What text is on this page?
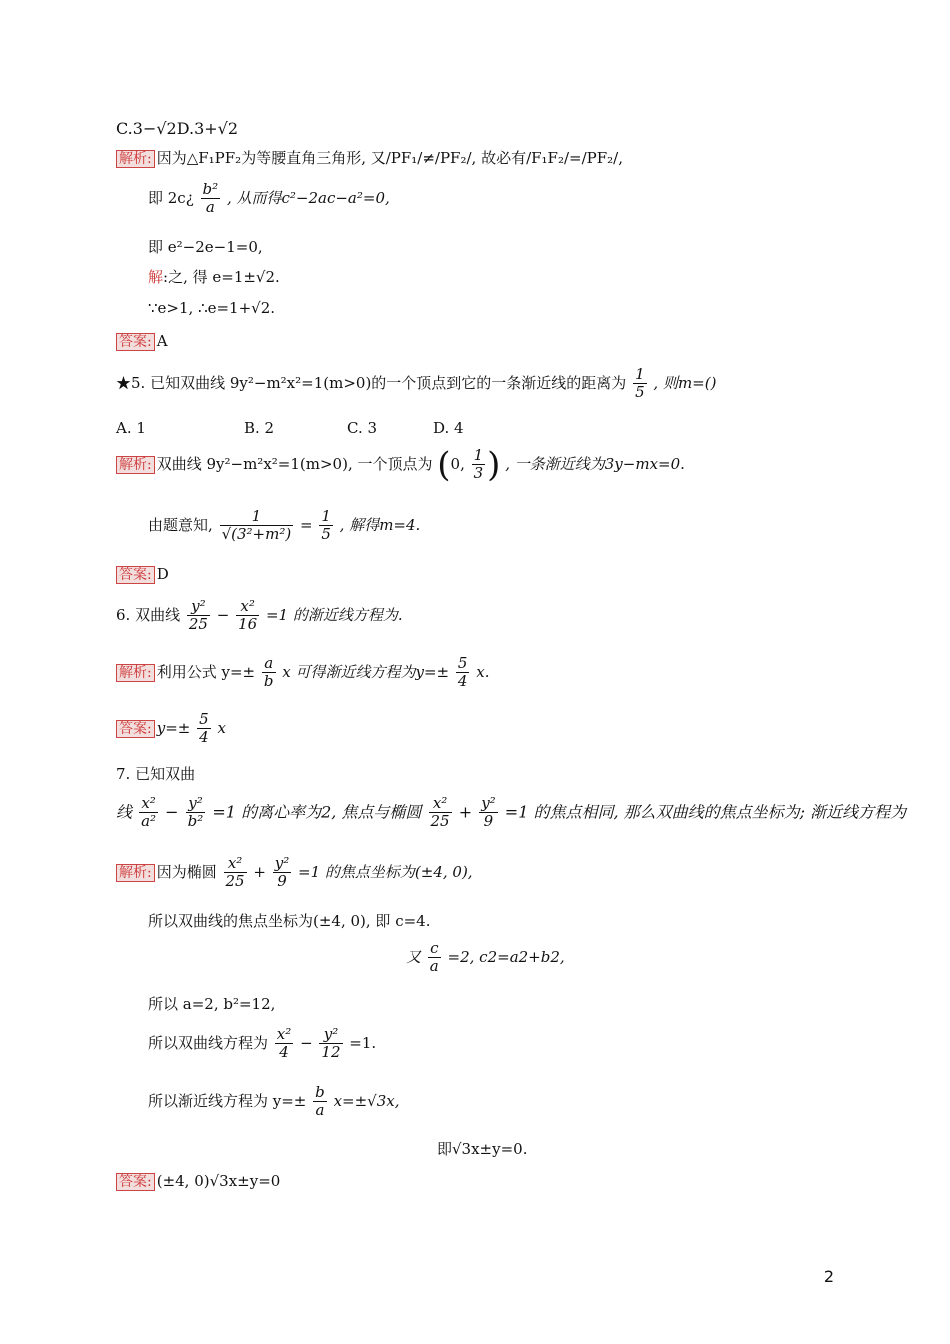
C.3−√2D.3+√2
解析: 因为△F₁PF₂为等腰直角三角形, 又/PF₁/≠/PF₂/, 故必有/F₁F₂/=/PF₂/,
即 2c¿ $\frac{\text{b²}}{a}$ , 从而得c²−2ac−a²=0,
即 e²−2e−1=0,
解:之, 得 e=1±√2.
∵e>1, ∴e=1+√2.
答案: A
★5. 已知双曲线 9y²−m²x²=1(m>0)的一个顶点到它的一条渐近线的距离为 $\frac{1}{5}$ , 则m=()
A. 1	B. 2	C. 3	D. 4
解析: 双曲线 9y²−m²x²=1(m>0), 一个顶点为 (0, $\frac{1}{3}$ ) , 一条渐近线为3y−mx=0.
由题意知, $\frac{1}{\text{√(3²+m²)}} = \frac{1}{5}$ , 解得m=4.
答案: D
6. 双曲线 $\frac{\text{y²}}{25} - \frac{\text{x²}}{16} =1$ 的渐近线方程为.
解析: 利用公式 $y=\pm \frac{a}{b}$ x 可得渐近线方程为$y=\pm \frac{5}{4} x$.
答案: $y=\pm \frac{5}{4}$ x
7. 已知双曲
线 $\frac{\text{x²}}{\text{a²}} - \frac{\text{y²}}{\text{b²}} =1$ 的离心率为2, 焦点与椭圆 $\frac{\text{x²}}{25} + \frac{\text{y²}}{9} =1$ 的焦点相同, 那么双曲线的焦点坐标为; 渐近线方程为
解析: 因为椭圆 $\frac{\text{x²}}{25} + \frac{\text{y²}}{9} =1$ 的焦点坐标为(±4, 0),
所以双曲线的焦点坐标为(±4, 0), 即 c=4.
又 $\frac{c}{a} =2$, c2=a2+b2,
所以 a=2, b²=12,
所以双曲线方程为 $\frac{\text{x²}}{4} - \frac{\text{y²}}{12} =1$.
所以渐近线方程为 $y=\pm \frac{b}{a} x=\pm√3x$,
即√3x±y=0.
答案: (±4, 0)√3x±y=0
2
